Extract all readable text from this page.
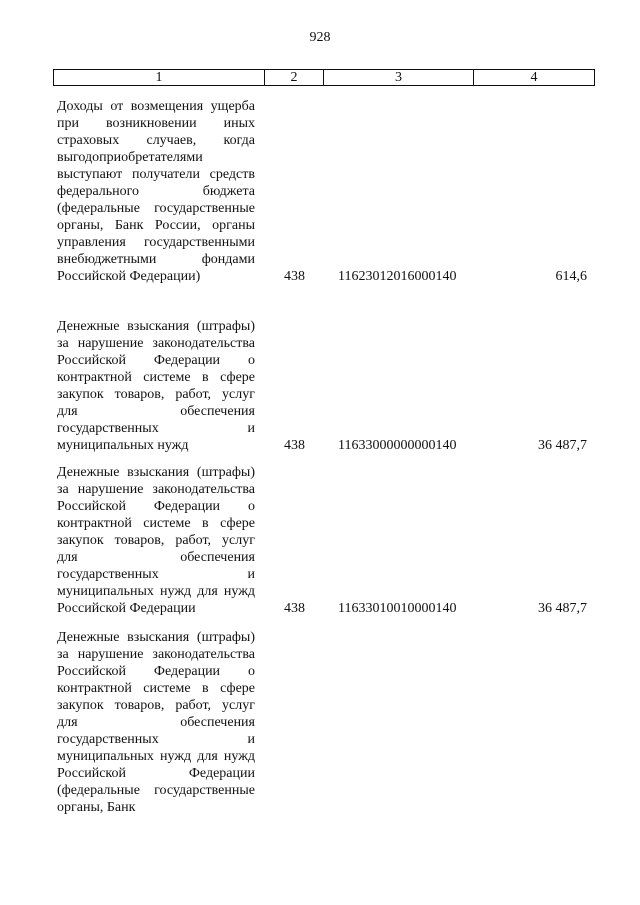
928
1	2	3	4
Доходы от возмещения ущерба при возникновении иных страховых случаев, когда выгодоприобретателями выступают получатели средств федерального бюджета (федеральные государственные органы, Банк России, органы управления государственными внебюджетными фондами Российской Федерации)	438 11623012016000140	614,6
Денежные взыскания (штрафы) за нарушение законодательства Российской Федерации о контрактной системе в сфере закупок товаров, работ, услуг для обеспечения государственных и муниципальных нужд	438 11633000000000140	36 487,7
Денежные взыскания (штрафы) за нарушение законодательства Российской Федерации о контрактной системе в сфере закупок товаров, работ, услуг для обеспечения государственных и муниципальных нужд для нужд Российской Федерации	438 11633010010000140	36 487,7
Денежные взыскания (штрафы) за нарушение законодательства Российской Федерации о контрактной системе в сфере закупок товаров, работ, услуг для обеспечения государственных и муниципальных нужд для нужд Российской Федерации (федеральные государственные органы, Банк
